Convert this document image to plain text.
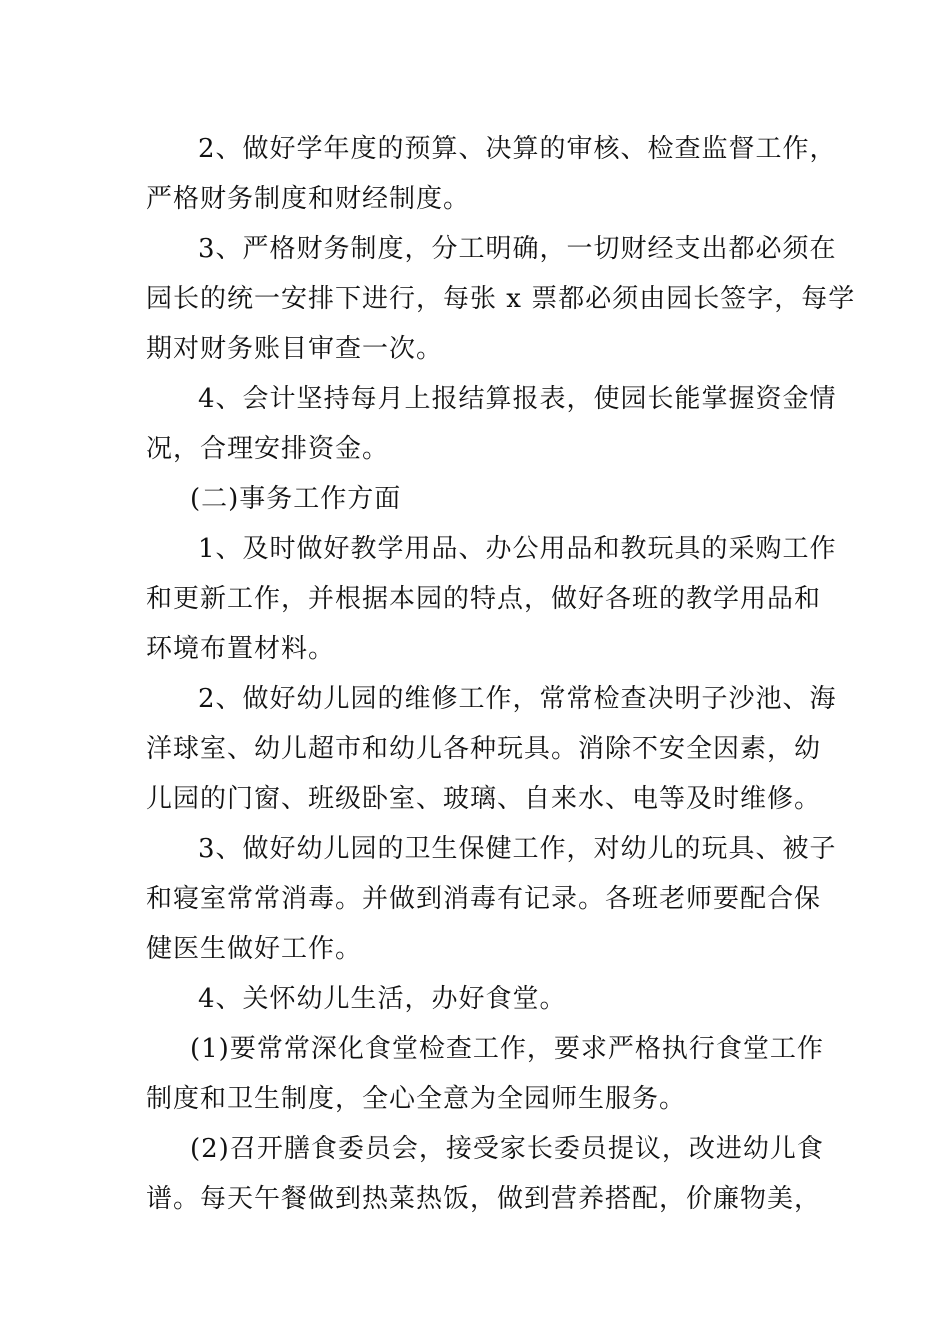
2、做好学年度的预算、决算的审核、检查监督工作，
严格财务制度和财经制度。

3、严格财务制度，分工明确，一切财经支出都必须在
园长的统一安排下进行，每张 x 票都必须由园长签字，每学
期对财务账目审查一次。

4、会计坚持每月上报结算报表，使园长能掌握资金情
况，合理安排资金。

(二)事务工作方面

1、及时做好教学用品、办公用品和教玩具的采购工作
和更新工作，并根据本园的特点，做好各班的教学用品和
环境布置材料。

2、做好幼儿园的维修工作，常常检查决明子沙池、海
洋球室、幼儿超市和幼儿各种玩具。消除不安全因素，幼
儿园的门窗、班级卧室、玻璃、自来水、电等及时维修。

3、做好幼儿园的卫生保健工作，对幼儿的玩具、被子
和寝室常常消毒。并做到消毒有记录。各班老师要配合保
健医生做好工作。

4、关怀幼儿生活，办好食堂。

(1)要常常深化食堂检查工作，要求严格执行食堂工作
制度和卫生制度，全心全意为全园师生服务。

(2)召开膳食委员会，接受家长委员提议，改进幼儿食
谱。每天午餐做到热菜热饭，做到营养搭配，价廉物美，
